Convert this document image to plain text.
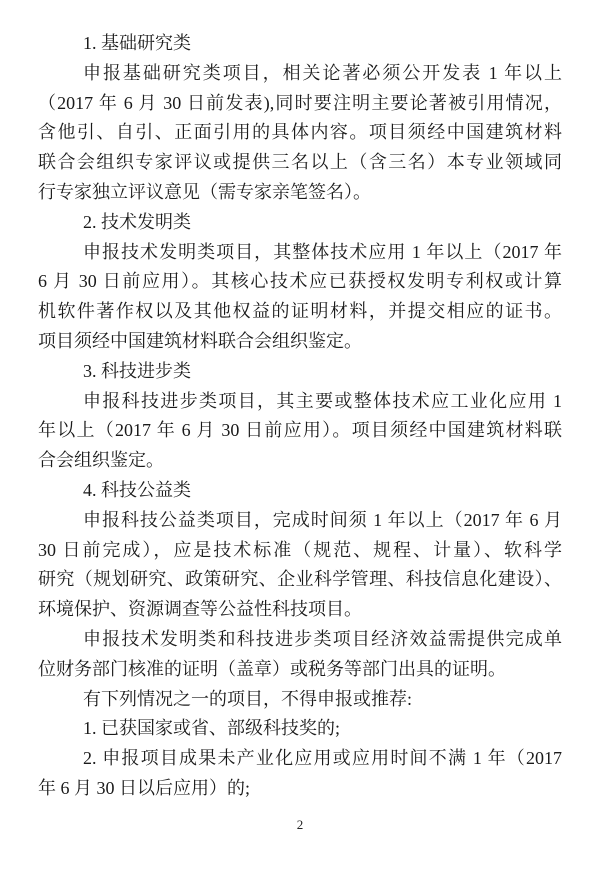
1. 基础研究类
申报基础研究类项目，相关论著必须公开发表 1 年以上
（2017 年 6 月 30 日前发表),同时要注明主要论著被引用情况，
含他引、自引、正面引用的具体内容。项目须经中国建筑材料
联合会组织专家评议或提供三名以上（含三名）本专业领域同
行专家独立评议意见（需专家亲笔签名）。
2. 技术发明类
申报技术发明类项目，其整体技术应用 1 年以上（2017 年
6 月 30 日前应用）。其核心技术应已获授权发明专利权或计算
机软件著作权以及其他权益的证明材料，并提交相应的证书。
项目须经中国建筑材料联合会组织鉴定。
3. 科技进步类
申报科技进步类项目，其主要或整体技术应工业化应用 1
年以上（2017 年 6 月 30 日前应用）。项目须经中国建筑材料联
合会组织鉴定。
4. 科技公益类
申报科技公益类项目，完成时间须 1 年以上（2017 年 6 月
30 日前完成），应是技术标准（规范、规程、计量）、软科学
研究（规划研究、政策研究、企业科学管理、科技信息化建设）、
环境保护、资源调查等公益性科技项目。
申报技术发明类和科技进步类项目经济效益需提供完成单
位财务部门核准的证明（盖章）或税务等部门出具的证明。
有下列情况之一的项目，不得申报或推荐:
1. 已获国家或省、部级科技奖的;
2. 申报项目成果未产业化应用或应用时间不满 1 年（2017
年 6 月 30 日以后应用）的;
2
